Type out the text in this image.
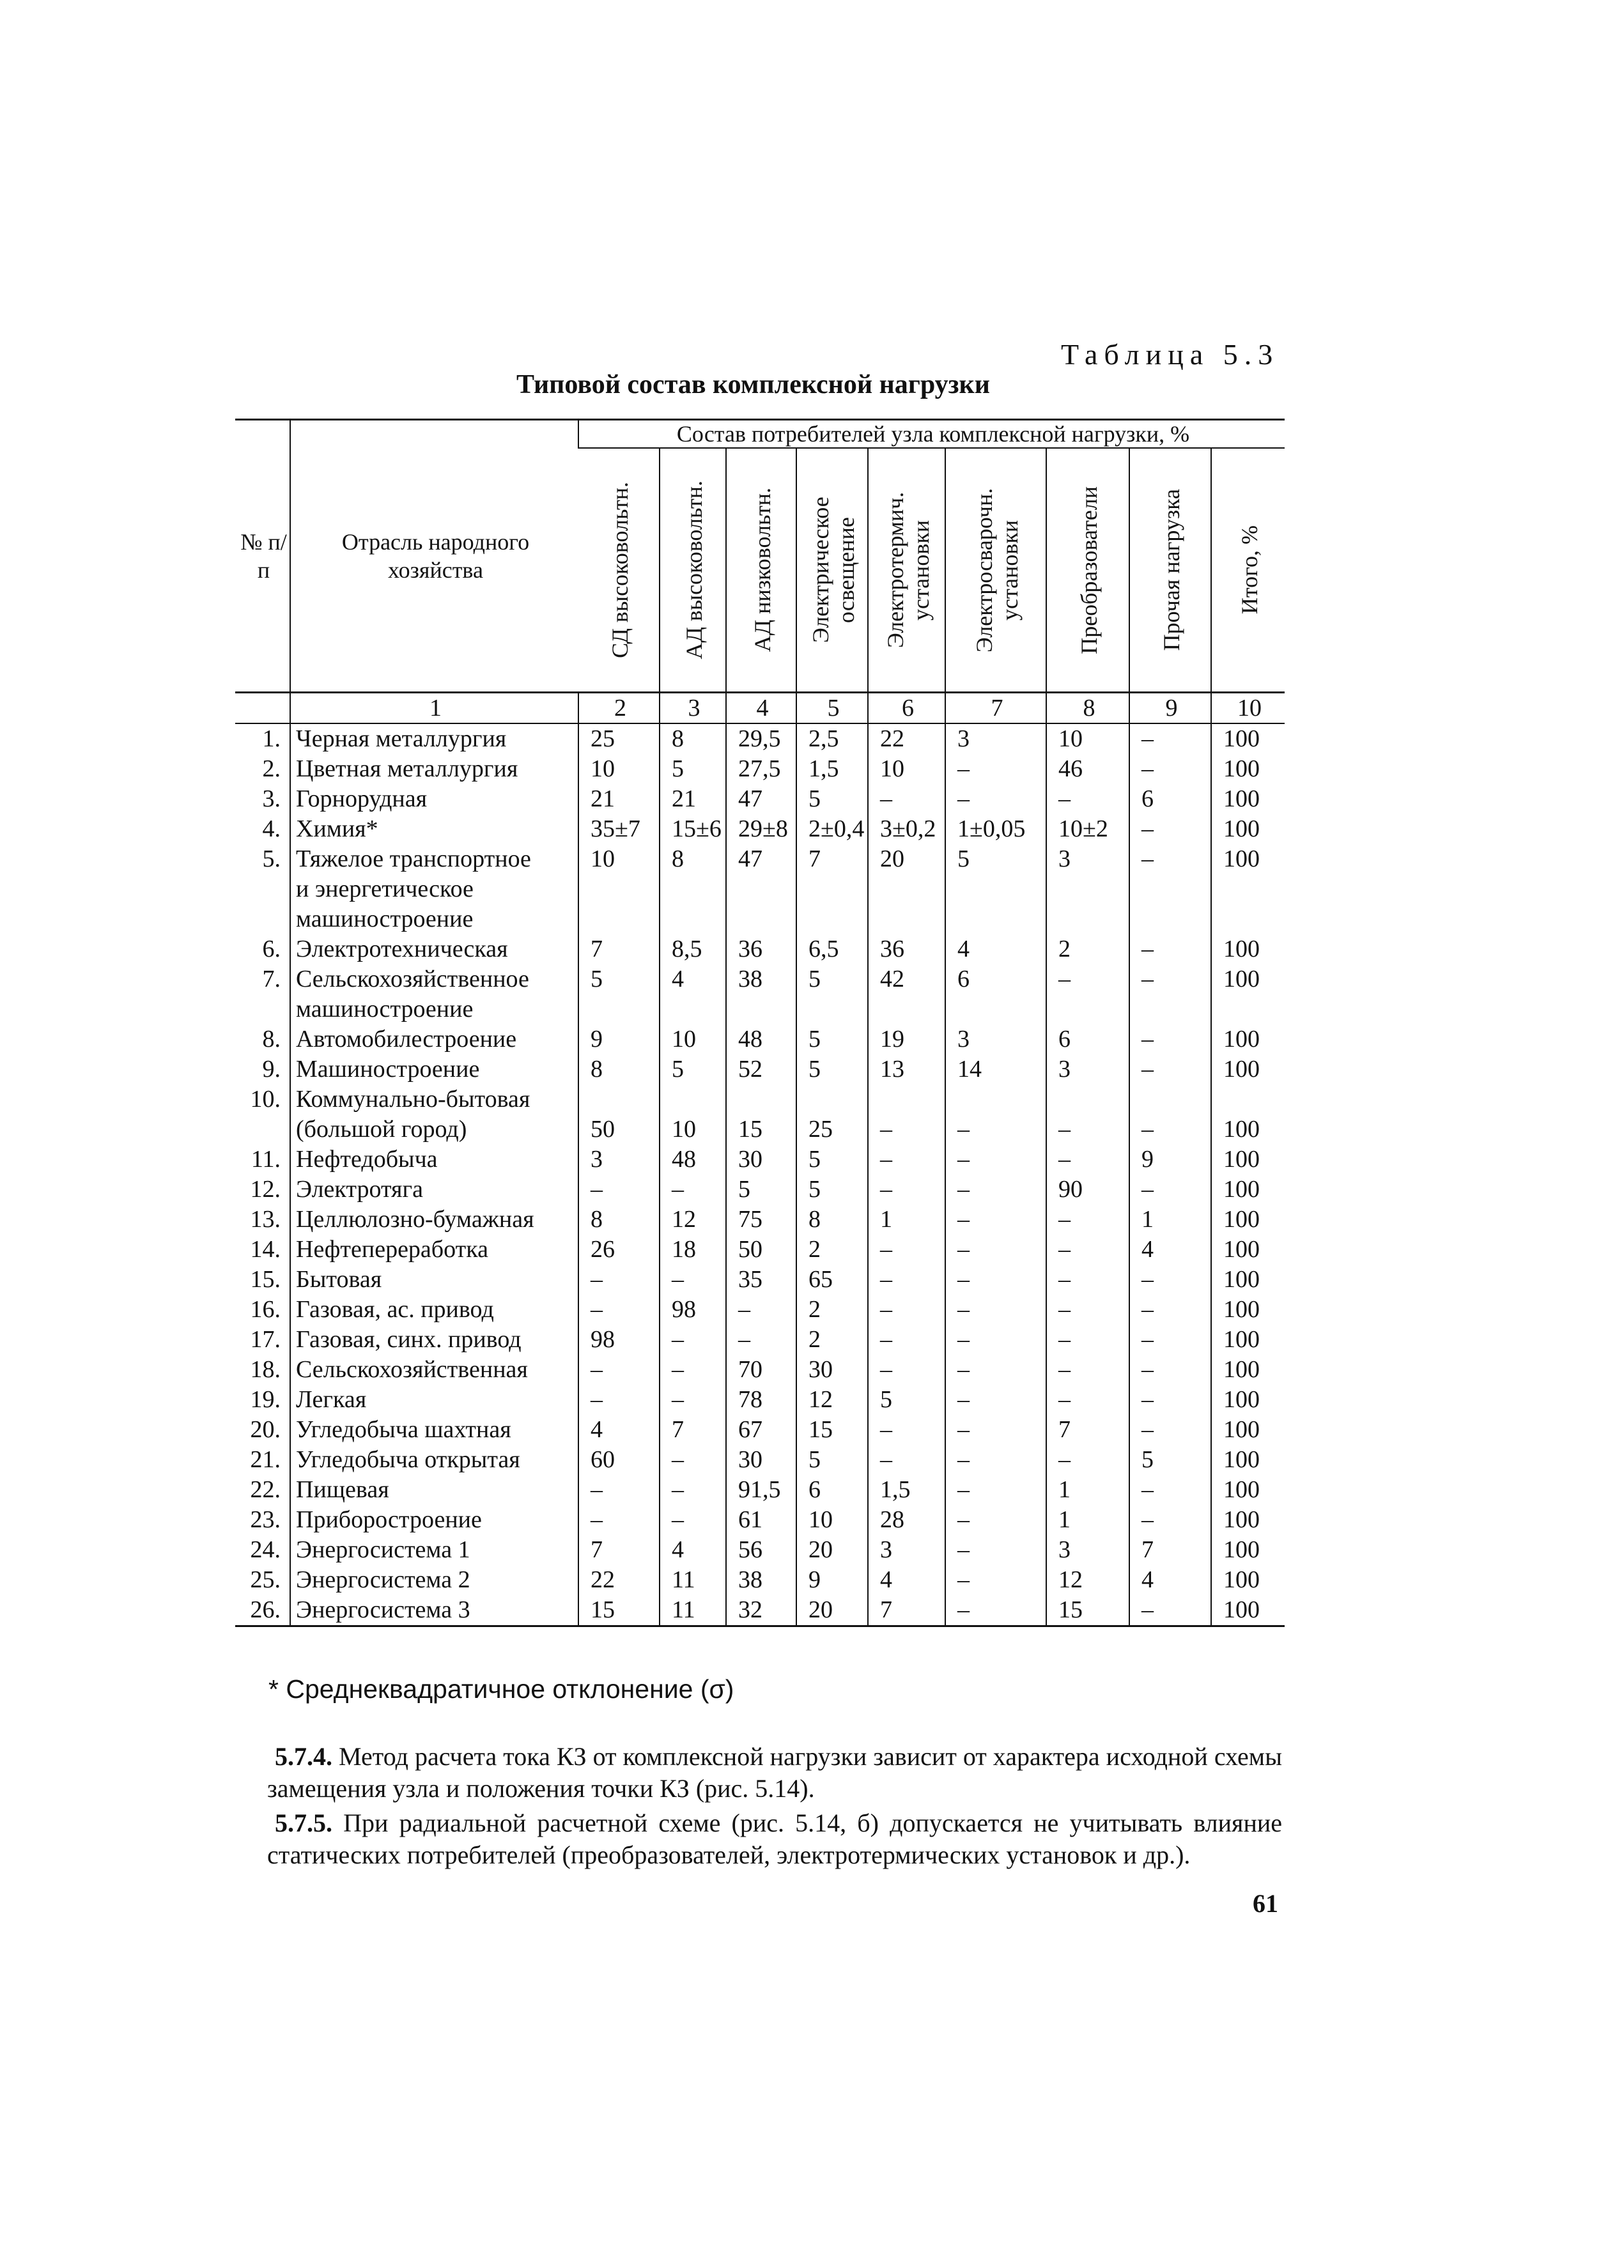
Таблица 5.3
Типовой состав комплексной нагрузки
№ п/п	Отрасль народного хозяйства	Состав потребителей узла комплексной нагрузки, %								

		СД высоковольтн.	АД высоковольтн.	АД низковольтн.	Электрическое освещение	Электротермич. установки	Электросварочн. установки	Преобразователи	Прочая нагрузка	Итого, %

	1	2	3	4	5	6	7	8	9	10
1.	Черная металлургия	25	8	29,5	2,5	22	3	10	–	100
2.	Цветная металлургия	10	5	27,5	1,5	10	–	46	–	100
3.	Горнорудная	21	21	47	5	–	–	–	6	100
4.	Химия*	35±7	15±6	29±8	2±0,4	3±0,2	1±0,05	10±2	–	100
5.	Тяжелое транспортное
и энергетическое
машиностроение	10	8	47	7	20	5	3	–	100
6.	Электротехническая	7	8,5	36	6,5	36	4	2	–	100
7.	Сельскохозяйственное
машиностроение	5	4	38	5	42	6	–	–	100
8.	Автомобилестроение	9	10	48	5	19	3	6	–	100
9.	Машиностроение	8	5	52	5	13	14	3	–	100
10.	Коммунально-бытовая
(большой город)	50	10	15	25	–	–	–	–	100
11.	Нефтедобыча	3	48	30	5	–	–	–	9	100
12.	Электротяга	–	–	5	5	–	–	90	–	100
13.	Целлюлозно-бумажная	8	12	75	8	1	–	–	1	100
14.	Нефтепереработка	26	18	50	2	–	–	–	4	100
15.	Бытовая	–	–	35	65	–	–	–	–	100
16.	Газовая, ас. привод	–	98	–	2	–	–	–	–	100
17.	Газовая, синх. привод	98	–	–	2	–	–	–	–	100
18.	Сельскохозяйственная	–	–	70	30	–	–	–	–	100
19.	Легкая	–	–	78	12	5	–	–	–	100
20.	Угледобыча шахтная	4	7	67	15	–	–	7	–	100
21.	Угледобыча открытая	60	–	30	5	–	–	–	5	100
22.	Пищевая	–	–	91,5	6	1,5	–	1	–	100
23.	Приборостроение	–	–	61	10	28	–	1	–	100
24.	Энергосистема 1	7	4	56	20	3	–	3	7	100
25.	Энергосистема 2	22	11	38	9	4	–	12	4	100
26.	Энергосистема 3	15	11	32	20	7	–	15	–	100
* Среднеквадратичное отклонение (σ)
5.7.4. Метод расчета тока КЗ от комплексной нагрузки зависит от характера исходной схемы замещения узла и положения точки КЗ (рис. 5.14).
5.7.5. При радиальной расчетной схеме (рис. 5.14, б) допускается не учитывать влияние статических потребителей (преобразователей, электротермических установок и др.).
61
